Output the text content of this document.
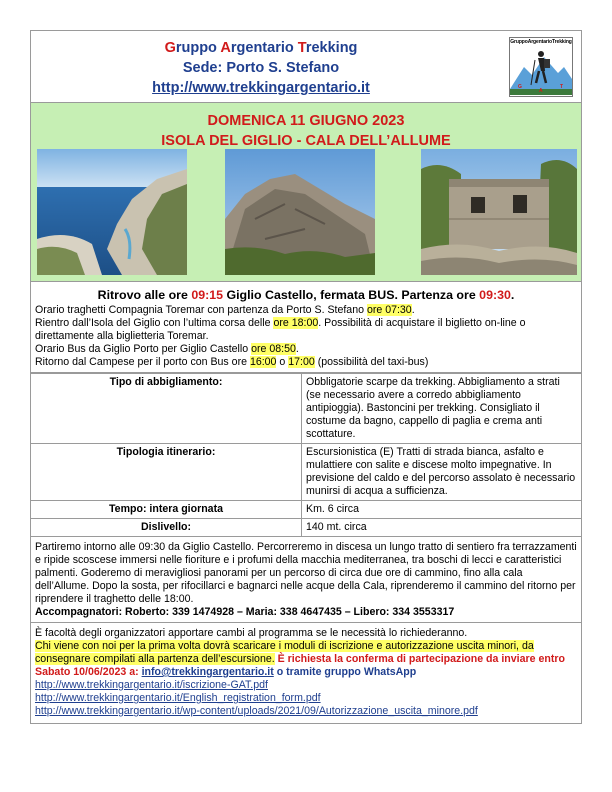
Gruppo Argentario Trekking
Sede: Porto S. Stefano
http://www.trekkingargentario.it
GruppoArgentarioTrekking
G
A
T
DOMENICA 11 GIUGNO 2023
ISOLA DEL GIGLIO - CALA DELL’ALLUME
Ritrovo alle ore 09:15 Giglio Castello, fermata BUS. Partenza ore 09:30.
Orario traghetti Compagnia Toremar con partenza da Porto S. Stefano ore 07:30.
Rientro dall’Isola del Giglio con l’ultima corsa delle ore 18:00. Possibilità di acquistare il biglietto on-line o direttamente alla biglietteria Toremar.
Orario Bus da Giglio Porto per Giglio Castello ore 08:50.
Ritorno dal Campese per il porto con Bus ore 16:00 o 17:00 (possibilità del taxi-bus)
Tipo di abbigliamento:	Obbligatorie scarpe da trekking. Abbigliamento a strati (se necessario avere a corredo abbigliamento antipioggia). Bastoncini per trekking. Consigliato il costume da bagno, cappello di paglia e crema anti scottature.
Tipologia itinerario:	Escursionistica (E) Tratti di strada bianca, asfalto e mulattiere con salite e discese molto impegnative. In previsione del caldo e del percorso assolato è necessario munirsi di acqua a sufficienza.
Tempo: intera giornata	Km. 6 circa
Dislivello:	140 mt. circa

Partiremo intorno alle 09:30 da Giglio Castello. Percorreremo in discesa un lungo tratto di sentiero fra terrazzamenti e ripide scoscese immersi nelle fioriture e i profumi della macchia mediterranea, tra boschi di lecci e caratteristici palmenti. Goderemo di meravigliosi panorami per un percorso di circa due ore di cammino, fino alla cala dell’Allume. Dopo la sosta, per rifocillarci e bagnarci nelle acque della Cala, riprenderemo il cammino del ritorno per riprendere il traghetto delle 18:00.

Accompagnatori: Roberto: 339 1474928 – Maria: 338 4647435 – Libero: 334 3553317

È facoltà degli organizzatori apportare cambi al programma se le necessità lo richiederanno.

Chi viene con noi per la prima volta dovrà scaricare i moduli di iscrizione e autorizzazione uscita minori, da consegnare compilati alla partenza dell’escursione. È richiesta la conferma di partecipazione da inviare entro Sabato 10/06/2023 a: info@trekkingargentario.it o tramite gruppo WhatsApp

http://www.trekkingargentario.it/iscrizione-GAT.pdf

http://www.trekkingargentario.it/English_registration_form.pdf

http://www.trekkingargentario.it/wp-content/uploads/2021/09/Autorizzazione_uscita_minore.pdf
